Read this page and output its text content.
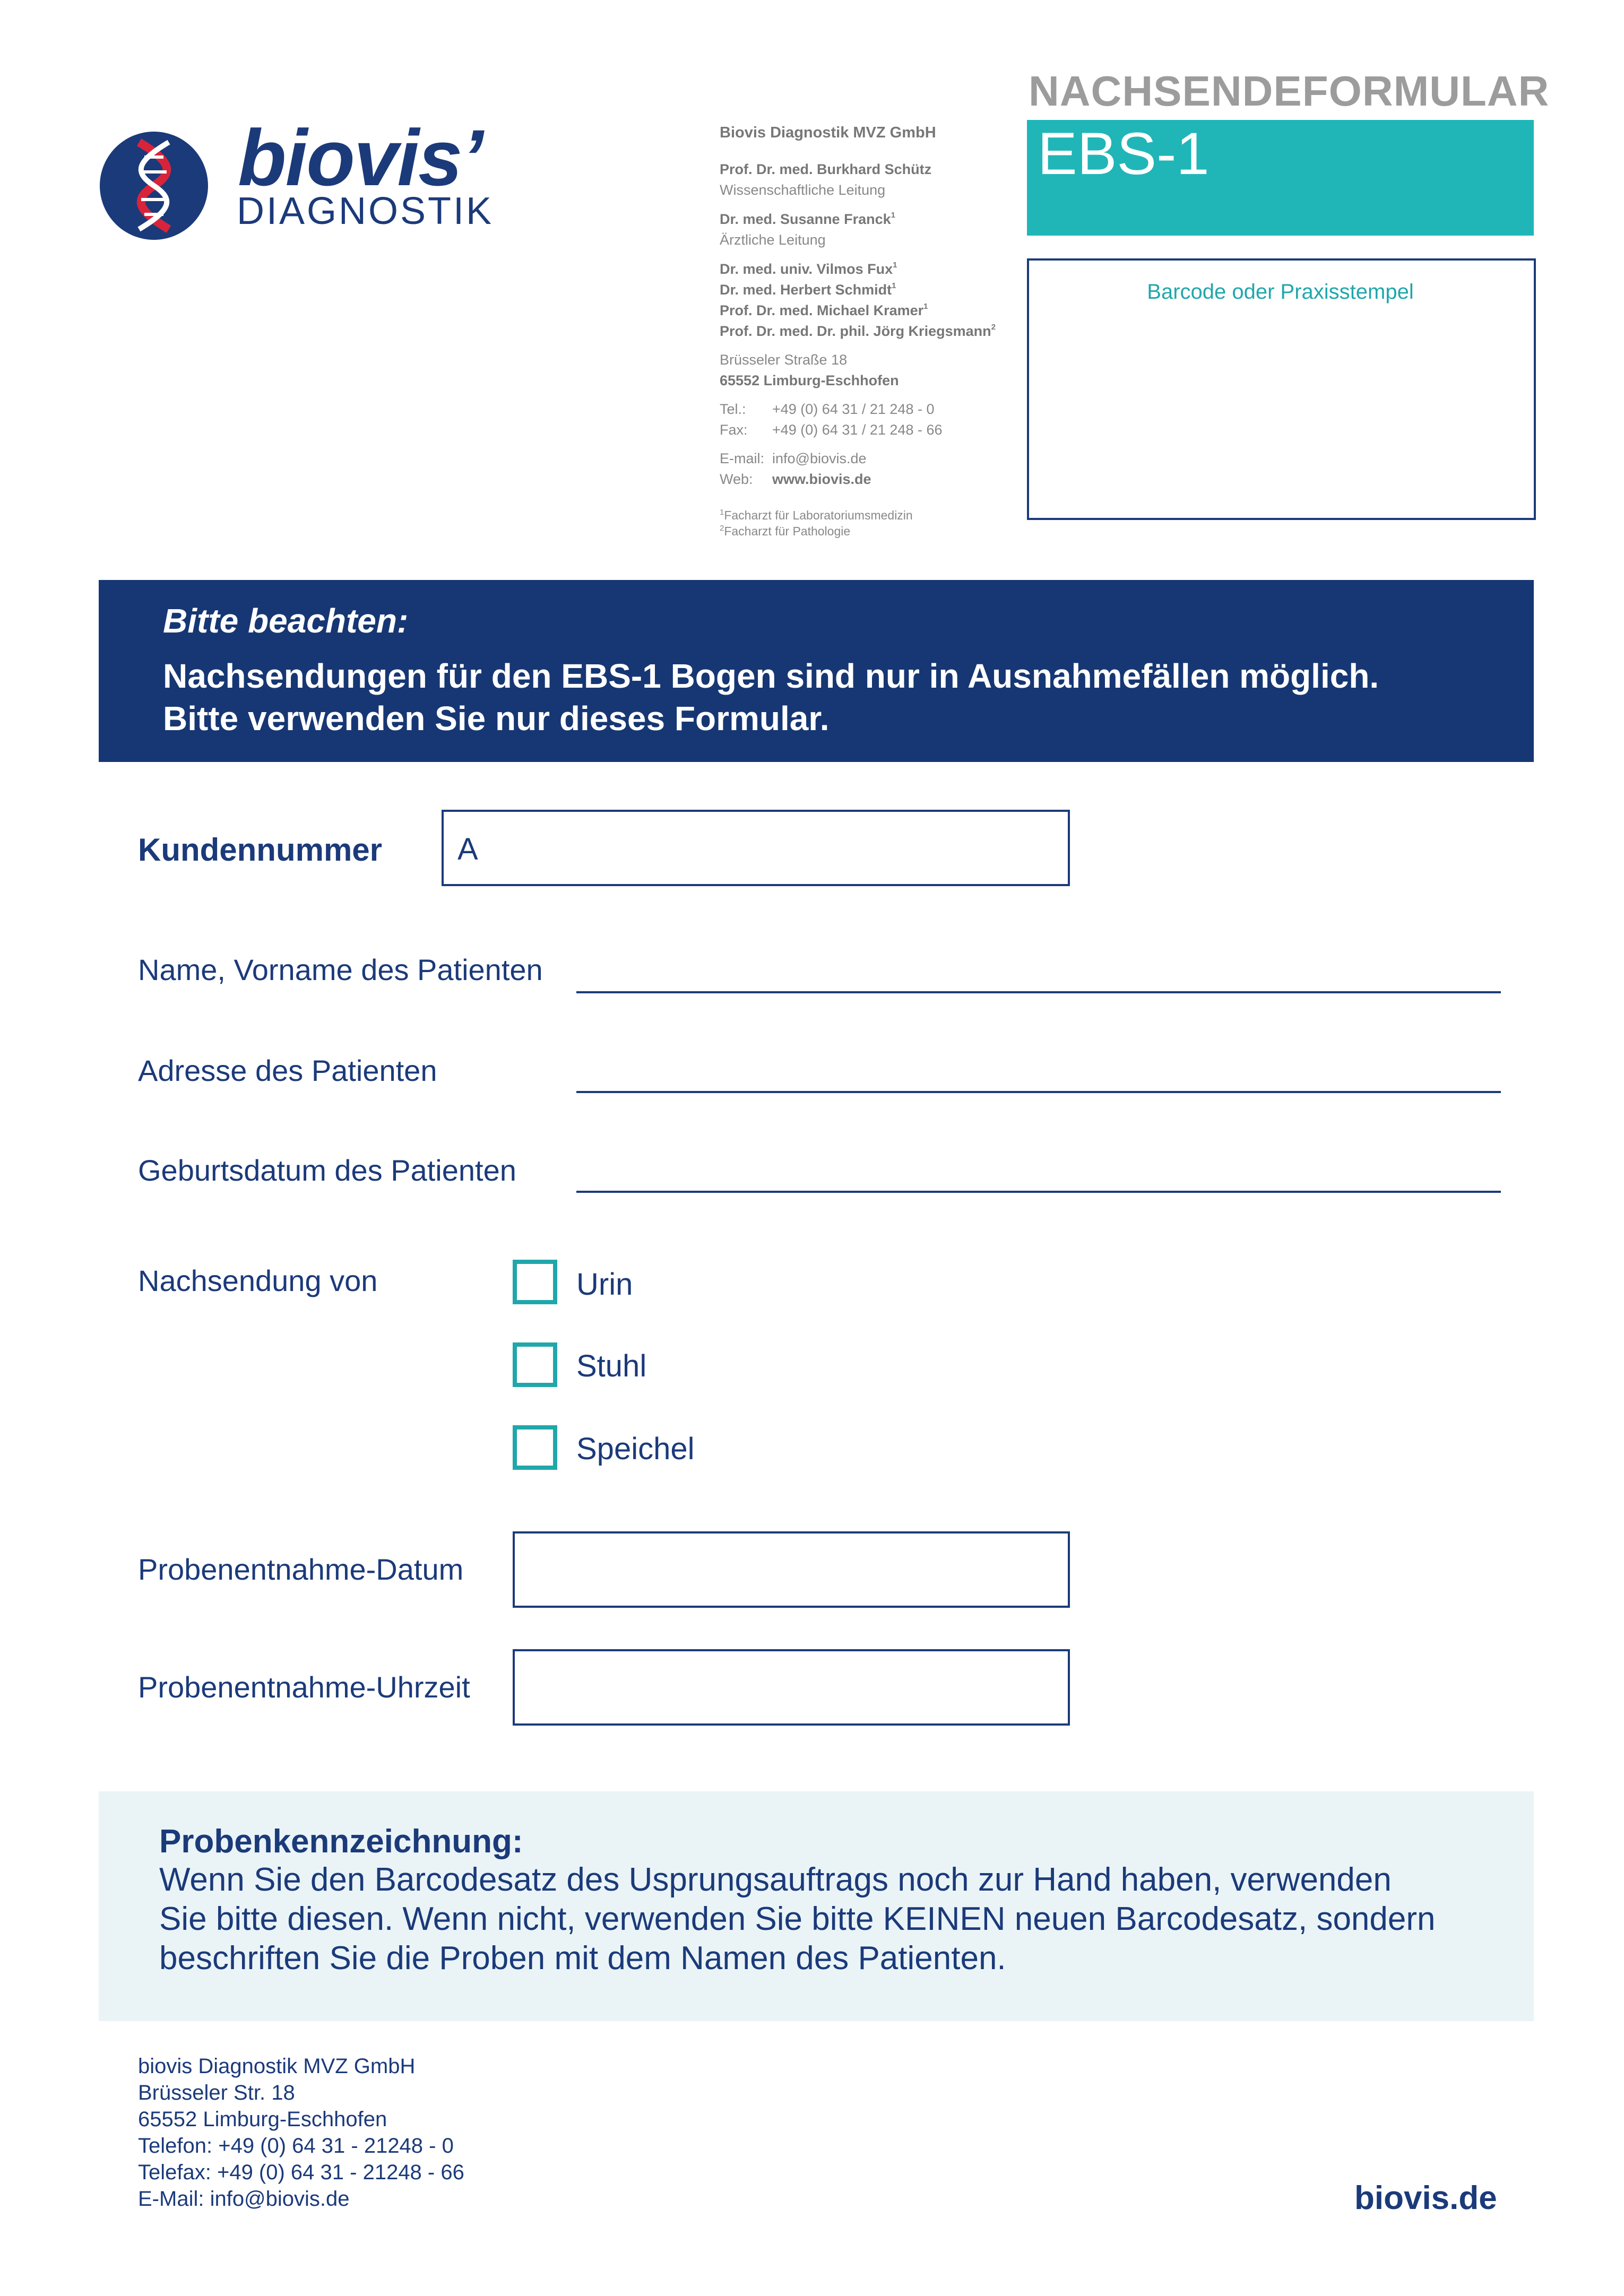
biovis’
DIAGNOSTIK
Biovis Diagnostik MVZ GmbH
Prof. Dr. med. Burkhard Schütz
Wissenschaftliche Leitung
Dr. med. Susanne Franck$^1$
Ärztliche Leitung
Dr. med. univ. Vilmos Fux$^1$
Dr. med. Herbert Schmidt$^1$
Prof. Dr. med. Michael Kramer$^1$
Prof. Dr. med. Dr. phil. Jörg Kriegsmann$^2$
Brüsseler Straße 18
65552 Limburg-Eschhofen
Tel.: +49 (0) 64 31 / 21 248 - 0
Fax: +49 (0) 64 31 / 21 248 - 66
E-mail: info@biovis.de
Web: www.biovis.de
$^1$Facharzt für Laboratoriumsmedizin
$^2$Facharzt für Pathologie
NACHSENDEFORMULAR
EBS-1
Barcode oder Praxisstempel
Bitte beachten:
Nachsendungen für den EBS-1 Bogen sind nur in Ausnahmefällen möglich.
Bitte verwenden Sie nur dieses Formular.
Kundennummer A
Name, Vorname des Patienten
Adresse des Patienten
Geburtsdatum des Patienten
Nachsendung von	Urin
Stuhl
Speichel
Probenentnahme-Datum
Probenentnahme-Uhrzeit
Probenkennzeichnung:
Wenn Sie den Barcodesatz des Usprungsauftrags noch zur Hand haben, verwenden
Sie bitte diesen. Wenn nicht, verwenden Sie bitte KEINEN neuen Barcodesatz, sondern
beschriften Sie die Proben mit dem Namen des Patienten.
biovis Diagnostik MVZ GmbH
Brüsseler Str. 18
65552 Limburg-Eschhofen
Telefon: +49 (0) 64 31 - 21248 - 0
Telefax: +49 (0) 64 31 - 21248 - 66
E-Mail: info@biovis.de	biovis.de
